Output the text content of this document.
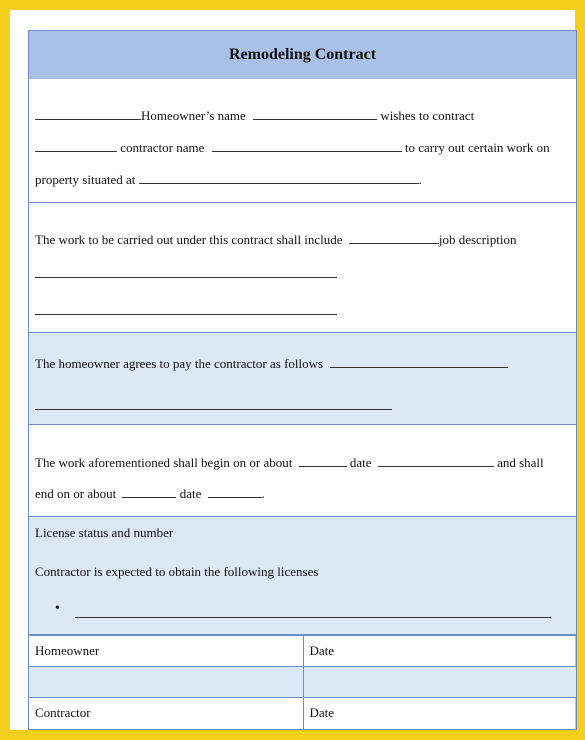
Remodeling Contract
Homeowner’s name	wishes to contract
contractor name	to carry out certain work on
property situated at	.
The work to be carried out under this contract shall include	job description
The homeowner agrees to pay the contractor as follows
The work aforementioned shall begin on or about	date	and shall
end on or about	date	.
License status and number
Contractor is expected to obtain the following licenses
•
Homeowner	Date

Contractor	Date
